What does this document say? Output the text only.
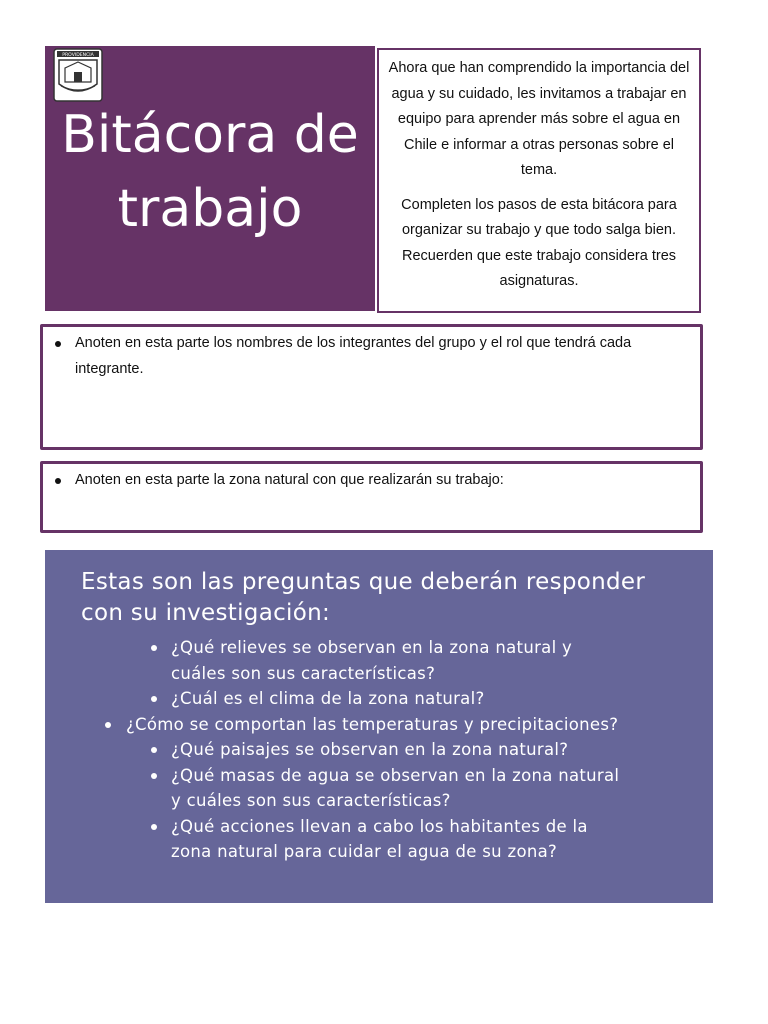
Bitácora de
trabajo
PROVIDENCIA

Ahora que han comprendido la importancia del agua y su cuidado, les invitamos a trabajar en equipo para aprender más sobre el agua en Chile e informar a otras personas sobre el tema.

Completen los pasos de esta bitácora para organizar su trabajo y que todo salga bien. Recuerden que este trabajo considera tres asignaturas.

Anoten en esta parte los nombres de los integrantes del grupo y el rol que tendrá cada integrante.
Anoten en esta parte la zona natural con que realizarán su trabajo:
Estas son las preguntas que deberán responder con su investigación:
¿Qué relieves se observan en la zona natural y cuáles son sus características?
¿Cuál es el clima de la zona natural?
¿Cómo se comportan las temperaturas y precipitaciones?
¿Qué paisajes se observan en la zona natural?
¿Qué masas de agua se observan en la zona natural y cuáles son sus características?
¿Qué acciones llevan a cabo los habitantes de la zona natural para cuidar el agua de su zona?
